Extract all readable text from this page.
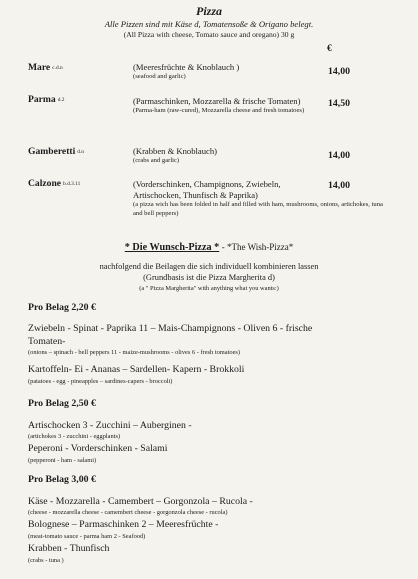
Pizza
Alle Pizzen sind mit Käse d, Tomatensoße & Origano belegt.
(All Pizza with cheese, Tomato sauce and oregano) 30 g
€
Mare c.d.n	(Meeresfrüchte & Knoblauch )
(seafood and garlic)	14,00
Parma d.2	(Parmaschinken, Mozzarella & frische Tomaten)
(Parma-ham (raw-cured), Mozzarella cheese and fresh tomatoes)
14,50
Gamberetti d.n	(Krabben & Knoblauch)
(crabs and garlic)	14,00
Calzone b.d.3.11	(Vorderschinken, Champignons, Zwiebeln, Artischocken, Thunfisch & Paprika)
(a pizza wich has been folded in half and filled with ham, mushrooms, onions, artichokes, tuna and bell peppers)
14,00
* Die Wunsch-Pizza * - *The Wish-Pizza*
nachfolgend die Beilagen die sich individuell kombinieren lassen
(Grundbasis ist die Pizza Margherita d)
(a " Pizza Margherita" with anything what you wants:)
Pro Belag 2,20 €
Zwiebeln - Spinat - Paprika 11 – Mais-Champignons - Oliven 6 - frische
Tomaten-
(onions – spinach - bell peppers 11 - maize-mushrooms - olives 6 - fresh tomatoes)
Kartoffeln- Ei - Ananas – Sardellen- Kapern - Brokkoli
(patatoes - egg - pineapples – sardines-capers - broccoli)
Pro Belag 2,50 €
Artischocken 3 - Zucchini – Auberginen -
(artichokes 3 - zucchini - eggplants)
Peperoni - Vorderschinken - Salami
(pepperoni - ham - salami)
Pro Belag 3,00 €
Käse - Mozzarella - Camembert – Gorgonzola – Rucola -
(cheese - mozzarella cheese - camembert cheese - gorgonzola cheese - rucola)
Bolognese – Parmaschinken 2 – Meeresfrüchte -
(meat-tomato sauce - parma ham 2 - Seafood)
Krabben - Thunfisch
(crabs - tuna )
